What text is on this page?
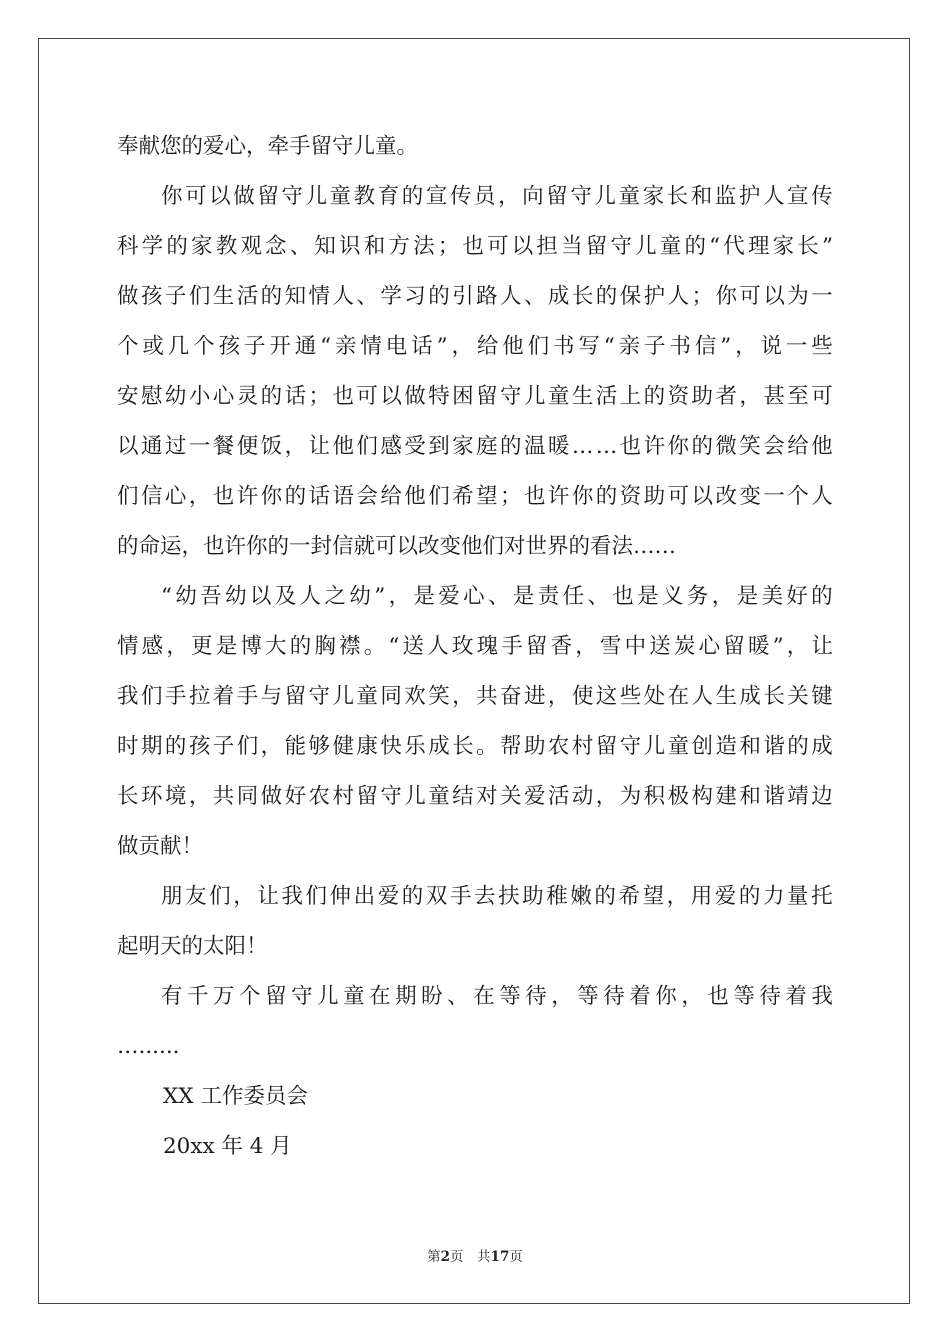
奉献您的爱心，牵手留守儿童。
你 可 以 做 留 守 儿 童 教 育 的 宣 传 员 ， 向 留 守 儿 童 家 长 和 监 护 人 宣 传
科 学 的 家 教 观 念 、 知 识 和 方 法 ； 也 可 以 担 当 留 守 儿 童 的 “ 代 理 家 长 ”
做 孩 子 们 生 活 的 知 情 人 、 学 习 的 引 路 人 、 成 长 的 保 护 人 ； 你 可 以 为 一
个 或 几 个 孩 子 开 通 “ 亲 情 电 话 ” ， 给 他 们 书 写 “ 亲 子 书 信 ” ， 说 一 些
安 慰 幼 小 心 灵 的 话 ； 也 可 以 做 特 困 留 守 儿 童 生 活 上 的 资 助 者 ， 甚 至 可
以 通 过 一 餐 便 饭 ， 让 他 们 感 受 到 家 庭 的 温 暖 … … 也 许 你 的 微 笑 会 给 他
们 信 心 ， 也 许 你 的 话 语 会 给 他 们 希 望 ； 也 许 你 的 资 助 可 以 改 变 一 个 人
的命运，也许你的一封信就可以改变他们对世界的看法……
“ 幼 吾 幼 以 及 人 之 幼 ” ， 是 爱 心 、 是 责 任 、 也 是 义 务 ， 是 美 好 的
情 感 ， 更 是 博 大 的 胸 襟 。 “ 送 人 玫 瑰 手 留 香 ， 雪 中 送 炭 心 留 暖 ” ， 让
我 们 手 拉 着 手 与 留 守 儿 童 同 欢 笑 ， 共 奋 进 ， 使 这 些 处 在 人 生 成 长 关 键
时 期 的 孩 子 们 ， 能 够 健 康 快 乐 成 长 。 帮 助 农 村 留 守 儿 童 创 造 和 谐 的 成
长 环 境 ， 共 同 做 好 农 村 留 守 儿 童 结 对 关 爱 活 动 ， 为 积 极 构 建 和 谐 靖 边
做贡献！
朋 友 们 ， 让 我 们 伸 出 爱 的 双 手 去 扶 助 稚 嫩 的 希 望 ， 用 爱 的 力 量 托
起明天的太阳！
有 千 万 个 留 守 儿 童 在 期 盼 、 在 等 待 ， 等 待 着 你 ， 也 等 待 着 我
…......
XX 工作委员会
20xx 年 4 月
第2页　共17页
